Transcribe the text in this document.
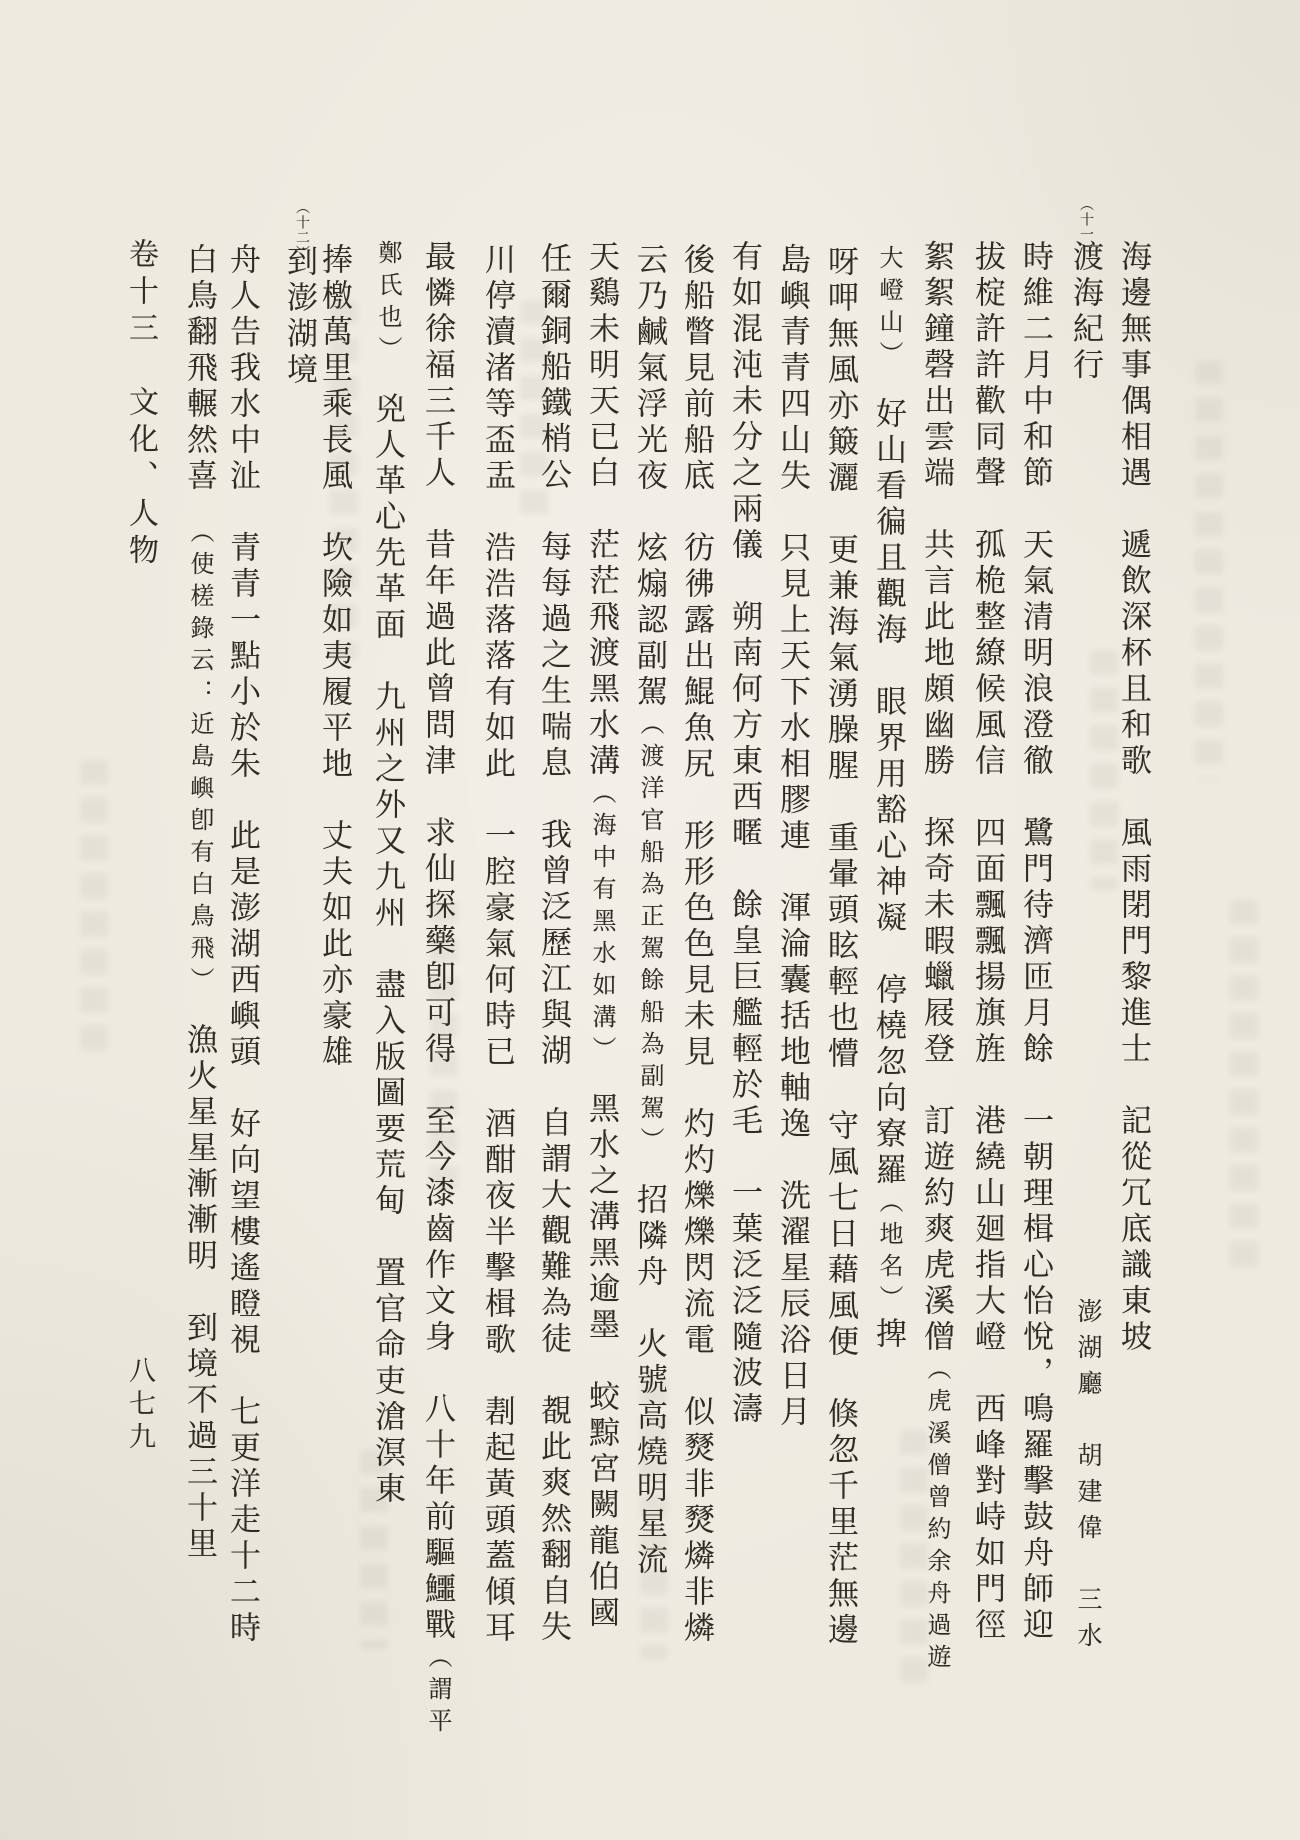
卷十三　文化、人物
八七九
（十一）
渡海紀行
澎湖廳　胡建偉　三水
（十二）
到澎湖境	海邊無事偶相遇　遞飲深杯且和歌　風雨閉門黎進士　記從冗底識東坡
時維二月中和節　天氣清明浪澄徹　鷺門待濟匝月餘　一朝理楫心怡悅，鳴羅擊鼓舟師迎
拔椗許許歡同聲　孤桅整繚候風信　四面飄飄揚旗旌　港繞山廻指大嶝　西峰對峙如門徑
絮絮鐘磬出雲端　共言此地頗幽勝　探奇未暇蠟屐登　訂遊約爽虎溪僧（虎溪僧曾約余舟過遊
大嶝山）　好山看徧且觀海　眼界用豁心神凝　停橈忽向寮羅（地名）捭
呀呷無風亦簸灑　更兼海氣湧臊腥　重暈頭眩輕也懵　守風七日藉風便　倏忽千里茫無邊
島嶼青青四山失　只見上天下水相膠連　渾淪囊括地軸逸　洗濯星辰浴日月
有如混沌未分之兩儀　朔南何方東西暱　餘皇巨艦輕於毛　一葉泛泛隨波濤
後船瞥見前船底　彷彿露出鯤魚尻　形形色色見未見　灼灼爍爍閃流電　似燹非燹燐非燐
云乃鹹氣浮光夜　炫煽認副駕（渡洋官船為正駕餘船為副駕）　招隣舟　火號高燒明星流
天鷄未明天已白　茫茫飛渡黑水溝（海中有黑水如溝）　黑水之溝黑逾墨　蛟黥宮闕龍伯國
任爾銅船鐵梢公　每每過之生喘息　我曾泛歷江與湖　自謂大觀難為徒　覩此爽然翻自失
川停瀆渚等盃盂　浩浩落落有如此　一腔豪氣何時已　酒酣夜半擊楫歌　剨起黃頭蓋傾耳
最憐徐福三千人　昔年過此曾問津　求仙探藥卽可得　至今漆齒作文身　八十年前驅鱷戰（謂平
鄭氏也）　兇人革心先革面　九州之外又九州　盡入版圖要荒甸　置官命吏滄溟東
捧檄萬里乘長風　坎險如夷履平地　丈夫如此亦豪雄
舟人告我水中沚　青青一點小於朱　此是澎湖西嶼頭　好向望樓遙瞪視　七更洋走十二時
白鳥翻飛輾然喜　（使槎錄云：近島嶼卽有白鳥飛）　漁火星星漸漸明　到境不過三十里
